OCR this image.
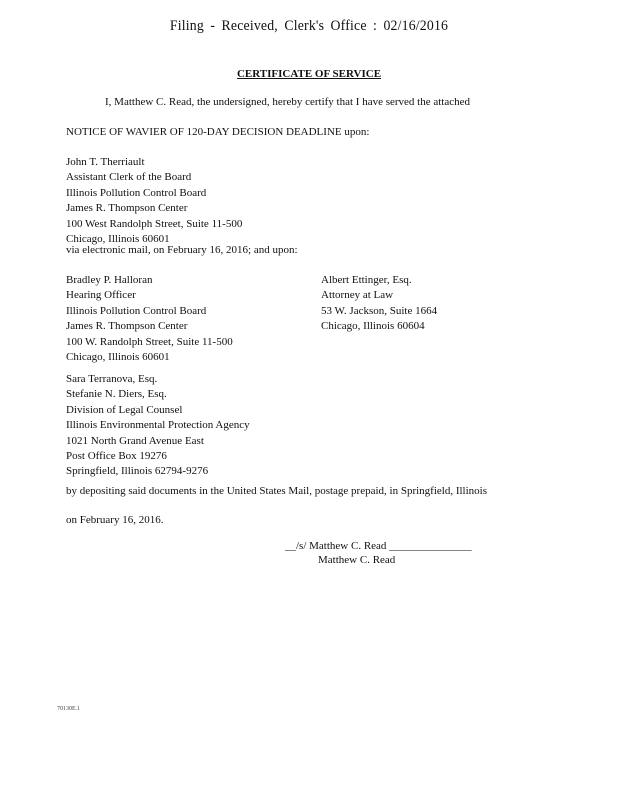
Filing - Received, Clerk's Office : 02/16/2016
CERTIFICATE OF SERVICE
I, Matthew C. Read, the undersigned, hereby certify that I have served the attached
NOTICE OF WAVIER OF 120-DAY DECISION DEADLINE upon:
John T. Therriault
Assistant Clerk of the Board
Illinois Pollution Control Board
James R. Thompson Center
100 West Randolph Street, Suite 11-500
Chicago, Illinois 60601
via electronic mail, on February 16, 2016; and upon:
Bradley P. Halloran
Hearing Officer
Illinois Pollution Control Board
James R. Thompson Center
100 W. Randolph Street, Suite 11-500
Chicago, Illinois 60601
Albert Ettinger, Esq.
Attorney at Law
53 W. Jackson, Suite 1664
Chicago, Illinois 60604
Sara Terranova, Esq.
Stefanie N. Diers, Esq.
Division of Legal Counsel
Illinois Environmental Protection Agency
1021 North Grand Avenue East
Post Office Box 19276
Springfield, Illinois 62794-9276
by depositing said documents in the United States Mail, postage prepaid, in Springfield, Illinois
on February 16, 2016.
__/s/ Matthew C. Read _______________
Matthew C. Read
70130E.1
